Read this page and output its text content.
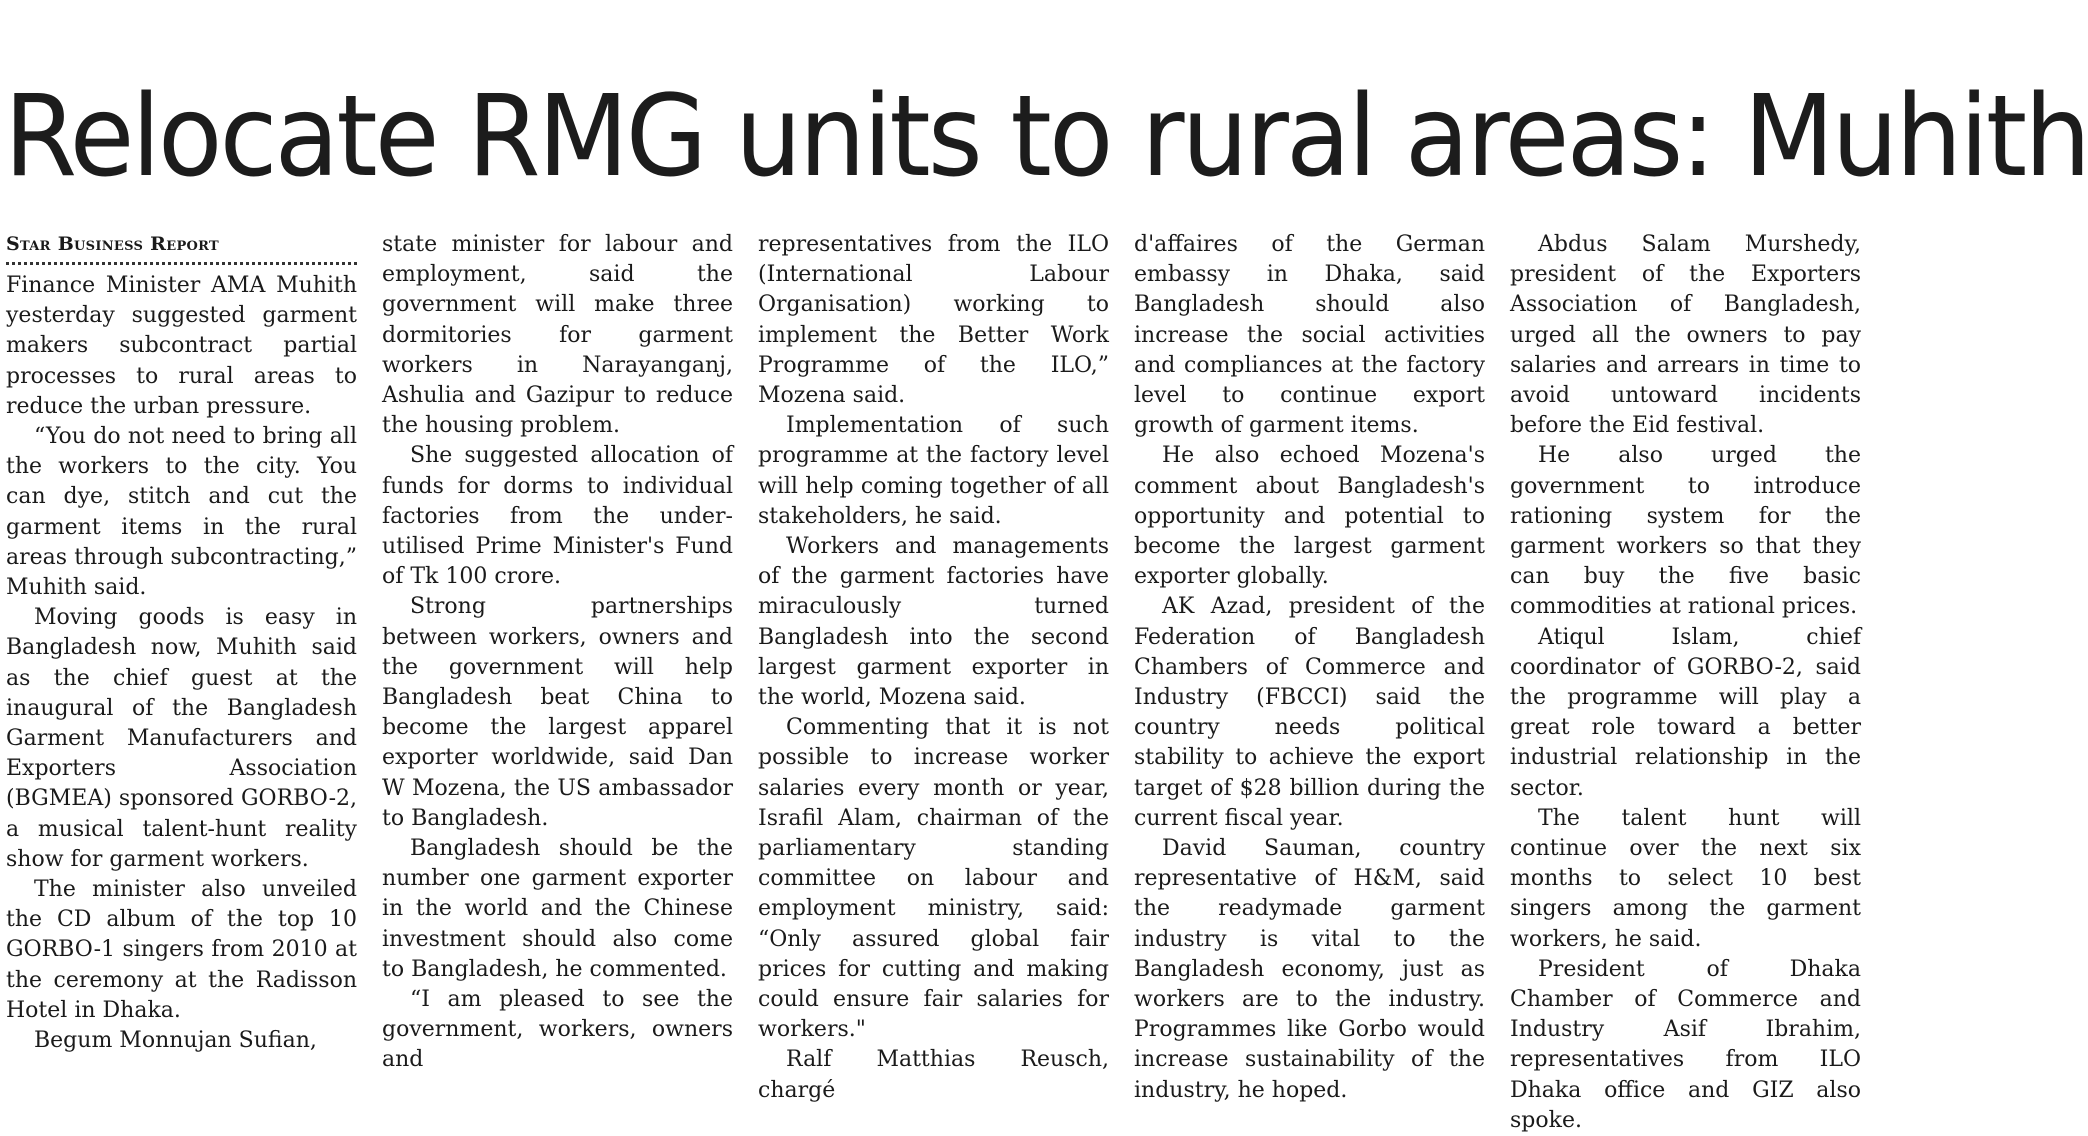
Relocate RMG units to rural areas: Muhith
Star Business Report

Finance Minister AMA Muhith yesterday suggested garment makers subcontract partial processes to rural areas to reduce the urban pressure.

“You do not need to bring all the workers to the city. You can dye, stitch and cut the garment items in the rural areas through subcontracting,” Muhith said.

Moving goods is easy in Bangladesh now, Muhith said as the chief guest at the inaugural of the Bangladesh Garment Manufacturers and Exporters Association (BGMEA) sponsored GORBO-2, a musical talent-hunt reality show for garment workers.

The minister also unveiled the CD album of the top 10 GORBO-1 singers from 2010 at the ceremony at the Radisson Hotel in Dhaka.

Begum Monnujan Sufian,

state minister for labour and employment, said the government will make three dormitories for garment workers in Narayanganj, Ashulia and Gazipur to reduce the housing problem.

She suggested allocation of funds for dorms to individual factories from the under-utilised Prime Minister's Fund of Tk 100 crore.

Strong partnerships between workers, owners and the government will help Bangladesh beat China to become the largest apparel exporter worldwide, said Dan W Mozena, the US ambassador to Bangladesh.

Bangladesh should be the number one garment exporter in the world and the Chinese investment should also come to Bangladesh, he commented.

“I am pleased to see the government, workers, owners and

representatives from the ILO (International Labour Organisation) working to implement the Better Work Programme of the ILO,” Mozena said.

Implementation of such programme at the factory level will help coming together of all stakeholders, he said.

Workers and managements of the garment factories have miraculously turned Bangladesh into the second largest garment exporter in the world, Mozena said.

Commenting that it is not possible to increase worker salaries every month or year, Israfil Alam, chairman of the parliamentary standing committee on labour and employment ministry, said: “Only assured global fair prices for cutting and making could ensure fair salaries for workers."

Ralf Matthias Reusch, chargé

d'affaires of the German embassy in Dhaka, said Bangladesh should also increase the social activities and compliances at the factory level to continue export growth of garment items.

He also echoed Mozena's comment about Bangladesh's opportunity and potential to become the largest garment exporter globally.

AK Azad, president of the Federation of Bangladesh Chambers of Commerce and Industry (FBCCI) said the country needs political stability to achieve the export target of $28 billion during the current fiscal year.

David Sauman, country representative of H&M, said the readymade garment industry is vital to the Bangladesh economy, just as workers are to the industry. Programmes like Gorbo would increase sustainability of the industry, he hoped.

Abdus Salam Murshedy, president of the Exporters Association of Bangladesh, urged all the owners to pay salaries and arrears in time to avoid untoward incidents before the Eid festival.

He also urged the government to introduce rationing system for the garment workers so that they can buy the five basic commodities at rational prices.

Atiqul Islam, chief coordinator of GORBO-2, said the programme will play a great role toward a better industrial relationship in the sector.

The talent hunt will continue over the next six months to select 10 best singers among the garment workers, he said.

President of Dhaka Chamber of Commerce and Industry Asif Ibrahim, representatives from ILO Dhaka office and GIZ also spoke.
